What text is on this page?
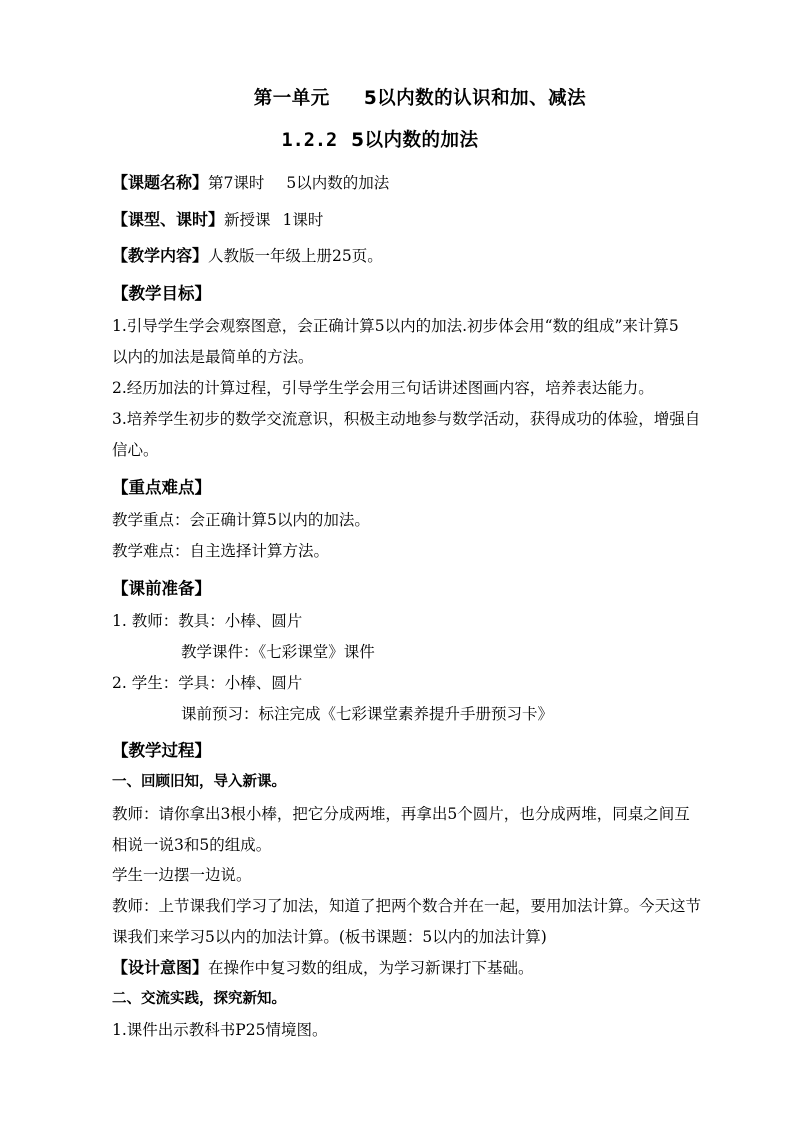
第一单元 5以内数的认识和加、减法
1.2.2 5以内数的加法
【课题名称】第7课时 5以内数的加法
【课型、课时】新授课 1课时
【教学内容】人教版一年级上册25页。
【教学目标】
1.引导学生学会观察图意，会正确计算5以内的加法.初步体会用“数的组成”来计算5
以内的加法是最简单的方法。
2.经历加法的计算过程，引导学生学会用三句话讲述图画内容，培养表达能力。
3.培养学生初步的数学交流意识，积极主动地参与数学活动，获得成功的体验，增强自
信心。
【重点难点】
教学重点：会正确计算5以内的加法。
教学难点：自主选择计算方法。
【课前准备】
1. 教师：教具：小棒、圆片
教学课件：《七彩课堂》课件
2. 学生：学具：小棒、圆片
课前预习：标注完成《七彩课堂素养提升手册预习卡》
【教学过程】
一、回顾旧知，导入新课。
教师：请你拿出3根小棒，把它分成两堆，再拿出5个圆片，也分成两堆，同桌之间互
相说一说3和5的组成。
学生一边摆一边说。
教师：上节课我们学习了加法，知道了把两个数合并在一起，要用加法计算。今天这节
课我们来学习5以内的加法计算。(板书课题：5以内的加法计算)
【设计意图】在操作中复习数的组成，为学习新课打下基础。
二、交流实践，探究新知。
1.课件出示教科书P25情境图。
